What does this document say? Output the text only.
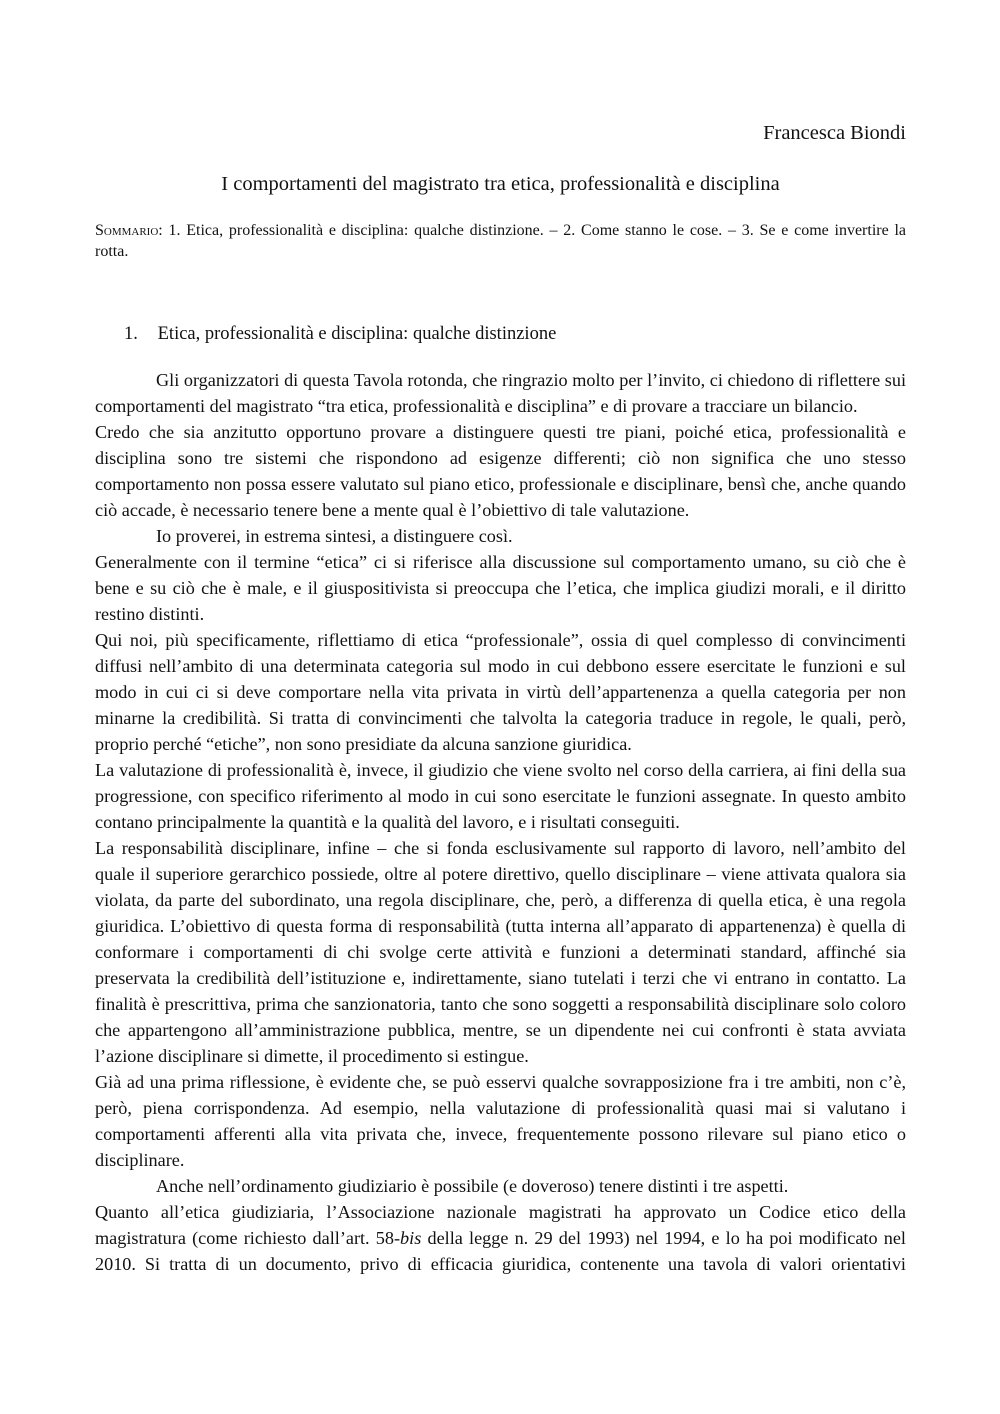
Francesca Biondi
I comportamenti del magistrato tra etica, professionalità e disciplina
Sommario: 1. Etica, professionalità e disciplina: qualche distinzione. – 2. Come stanno le cose. – 3. Se e come invertire la rotta.
1. Etica, professionalità e disciplina: qualche distinzione

Gli organizzatori di questa Tavola rotonda, che ringrazio molto per l’invito, ci chiedono di riflettere sui comportamenti del magistrato “tra etica, professionalità e disciplina” e di provare a tracciare un bilancio.

Credo che sia anzitutto opportuno provare a distinguere questi tre piani, poiché etica, professionalità e disciplina sono tre sistemi che rispondono ad esigenze differenti; ciò non significa che uno stesso comportamento non possa essere valutato sul piano etico, professionale e disciplinare, bensì che, anche quando ciò accade, è necessario tenere bene a mente qual è l’obiettivo di tale valutazione.

Io proverei, in estrema sintesi, a distinguere così.

Generalmente con il termine “etica” ci si riferisce alla discussione sul comportamento umano, su ciò che è bene e su ciò che è male, e il giuspositivista si preoccupa che l’etica, che implica giudizi morali, e il diritto restino distinti.

Qui noi, più specificamente, riflettiamo di etica “professionale”, ossia di quel complesso di convincimenti diffusi nell’ambito di una determinata categoria sul modo in cui debbono essere esercitate le funzioni e sul modo in cui ci si deve comportare nella vita privata in virtù dell’appartenenza a quella categoria per non minarne la credibilità. Si tratta di convincimenti che talvolta la categoria traduce in regole, le quali, però, proprio perché “etiche”, non sono presidiate da alcuna sanzione giuridica.

La valutazione di professionalità è, invece, il giudizio che viene svolto nel corso della carriera, ai fini della sua progressione, con specifico riferimento al modo in cui sono esercitate le funzioni assegnate. In questo ambito contano principalmente la quantità e la qualità del lavoro, e i risultati conseguiti.

La responsabilità disciplinare, infine – che si fonda esclusivamente sul rapporto di lavoro, nell’ambito del quale il superiore gerarchico possiede, oltre al potere direttivo, quello disciplinare – viene attivata qualora sia violata, da parte del subordinato, una regola disciplinare, che, però, a differenza di quella etica, è una regola giuridica. L’obiettivo di questa forma di responsabilità (tutta interna all’apparato di appartenenza) è quella di conformare i comportamenti di chi svolge certe attività e funzioni a determinati standard, affinché sia preservata la credibilità dell’istituzione e, indirettamente, siano tutelati i terzi che vi entrano in contatto. La finalità è prescrittiva, prima che sanzionatoria, tanto che sono soggetti a responsabilità disciplinare solo coloro che appartengono all’amministrazione pubblica, mentre, se un dipendente nei cui confronti è stata avviata l’azione disciplinare si dimette, il procedimento si estingue.

Già ad una prima riflessione, è evidente che, se può esservi qualche sovrapposizione fra i tre ambiti, non c’è, però, piena corrispondenza. Ad esempio, nella valutazione di professionalità quasi mai si valutano i comportamenti afferenti alla vita privata che, invece, frequentemente possono rilevare sul piano etico o disciplinare.

Anche nell’ordinamento giudiziario è possibile (e doveroso) tenere distinti i tre aspetti.

Quanto all’etica giudiziaria, l’Associazione nazionale magistrati ha approvato un Codice etico della magistratura (come richiesto dall’art. 58-bis della legge n. 29 del 1993) nel 1994, e lo ha poi modificato nel 2010. Si tratta di un documento, privo di efficacia giuridica, contenente una tavola di valori orientativi
